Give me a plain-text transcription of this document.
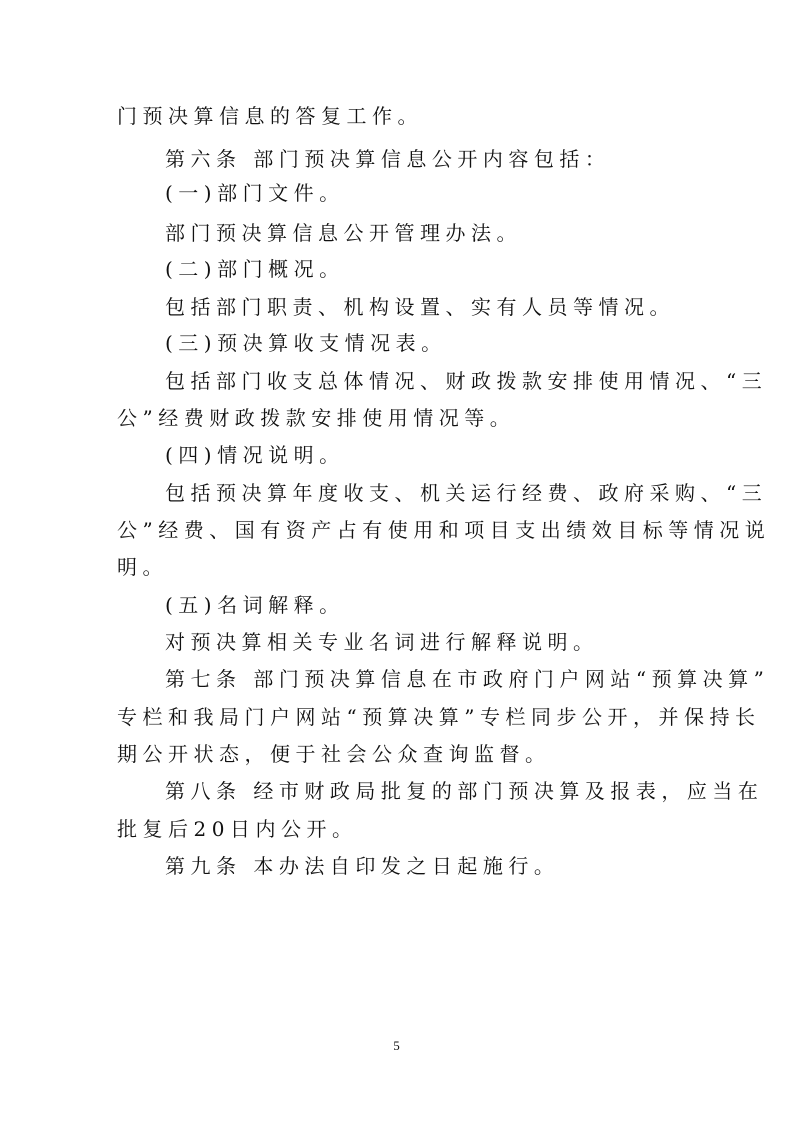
门预决算信息的答复工作。
第六条 部门预决算信息公开内容包括：
(一)部门文件。
部门预决算信息公开管理办法。
(二)部门概况。
包括部门职责、机构设置、实有人员等情况。
(三)预决算收支情况表。
包括部门收支总体情况、财政拨款安排使用情况、“三
公”经费财政拨款安排使用情况等。
(四)情况说明。
包括预决算年度收支、机关运行经费、政府采购、“三
公”经费、国有资产占有使用和项目支出绩效目标等情况说
明。
(五)名词解释。
对预决算相关专业名词进行解释说明。
第七条 部门预决算信息在市政府门户网站“预算决算”
专栏和我局门户网站“预算决算”专栏同步公开，并保持长
期公开状态，便于社会公众查询监督。
第八条 经市财政局批复的部门预决算及报表，应当在
批复后20日内公开。
第九条 本办法自印发之日起施行。
5
